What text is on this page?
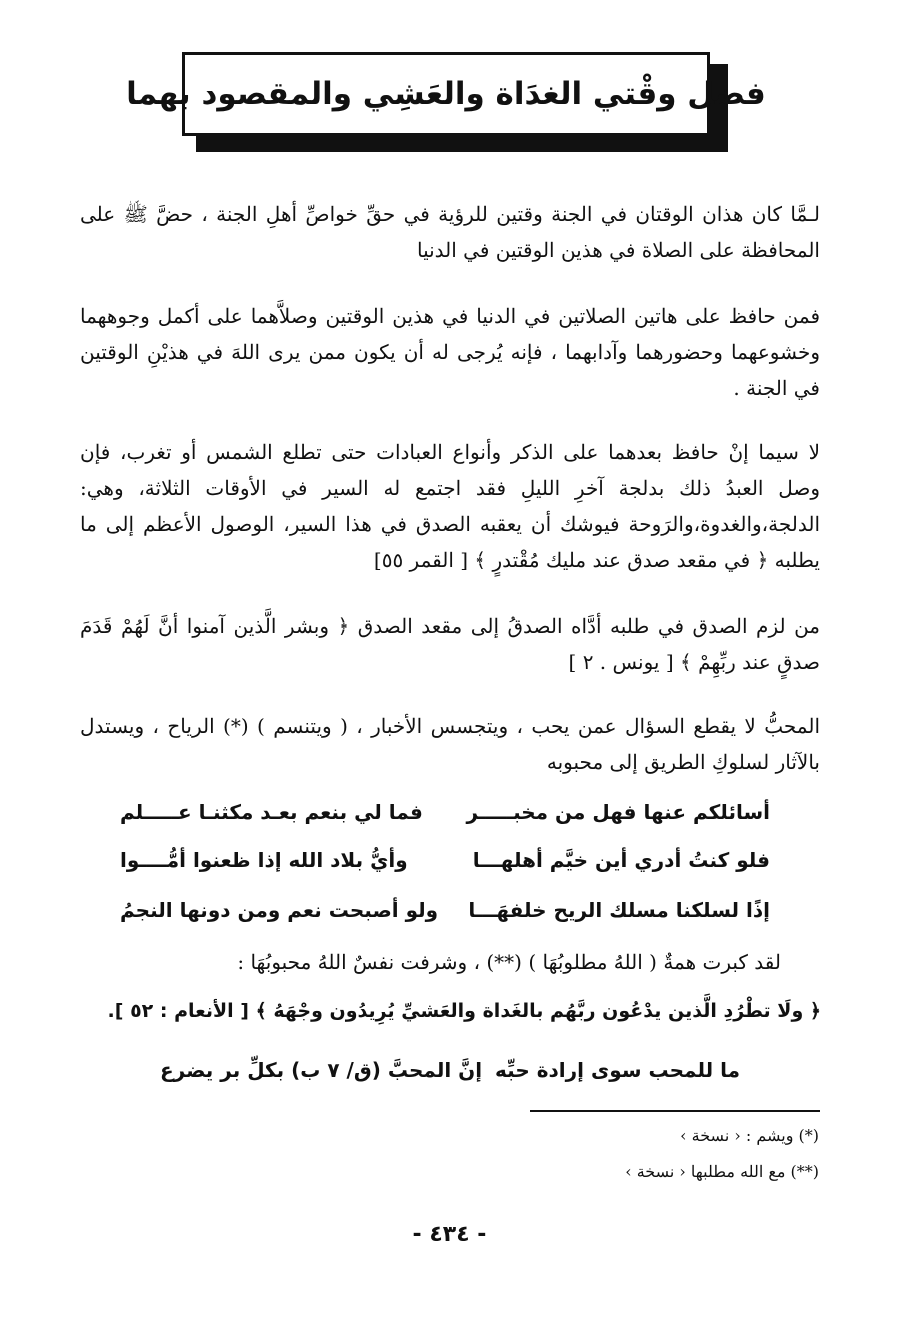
فضل وقْتي الغدَاة والعَشِي والمقصود بهما
لـمَّا كان هذان الوقتان في الجنة وقتين للرؤية في حقِّ خواصِّ أهلِ الجنة ، حضَّ ﷺ على المحافظة على الصلاة في هذين الوقتين في الدنيا
فمن حافظ على هاتين الصلاتين في الدنيا في هذين الوقتين وصلاَّهما على أكمل وجوههما وخشوعهما وحضورهما وآدابهما ، فإنه يُرجى له أن يكون ممن يرى اللهَ في هذيْنِ الوقتين في الجنة .
لا سيما إنْ حافظ بعدهما على الذكر وأنواع العبادات حتى تطلع الشمس أو تغرب، فإن وصل العبدُ ذلك بدلجة آخرِ الليلِ فقد اجتمع له السير في الأوقات الثلاثة، وهي: الدلجة،والغدوة،والرَوحة فيوشك أن يعقبه الصدق في هذا السير، الوصول الأعظم إلى ما يطلبه ﴿ في مقعد صدق عند مليك مُقْتدرٍ ﴾ [ القمر ٥٥]
من لزم الصدق في طلبه أدَّاه الصدقُ إلى مقعد الصدق ﴿ وبشر الَّذين آمنوا أنَّ لَهُمْ قَدَمَ صدقٍ عند ربِّهِمْ ﴾ [ يونس . ٢ ]
المحبُّ لا يقطع السؤال عمن يحب ، ويتجسس الأخبار ، ( ويتنسم ) (*) الرياح ، ويستدل بالآثار لسلوكِ الطريق إلى محبوبه
أسائلكم عنها فهل من مخبـــــر
فما لي بنعم بعـد مكثنـا عـــــلم
فلو كنتُ أدري أين خيَّم أهلهـــا
وأيُّ بلاد الله إذا ظعنوا أمُّــــوا
إذًا لسلكنا مسلك الريح خلفهَـــا
ولو أصبحت نعم ومن دونها النجمُ
لقد كبرت همةٌ ( اللهُ مطلوبُهَا ) (**) ، وشرفت نفسٌ اللهُ محبوبُهَا :
﴿ ولَا تطْرُدِ الَّذين يدْعُون ربَّهُم بالغَداة والعَشيِّ يُرِيدُون وجْهَهُ ﴾ [ الأنعام : ٥٢ ].
ما للمحب سوى إرادة حبِّه
إنَّ المحبَّ (ق/ ٧ ب) بكلِّ بر يضرع
(*) ويشم : ‹ نسخة ›
(**) مع الله مطلبها ‹ نسخة ›
- ٤٣٤ -
